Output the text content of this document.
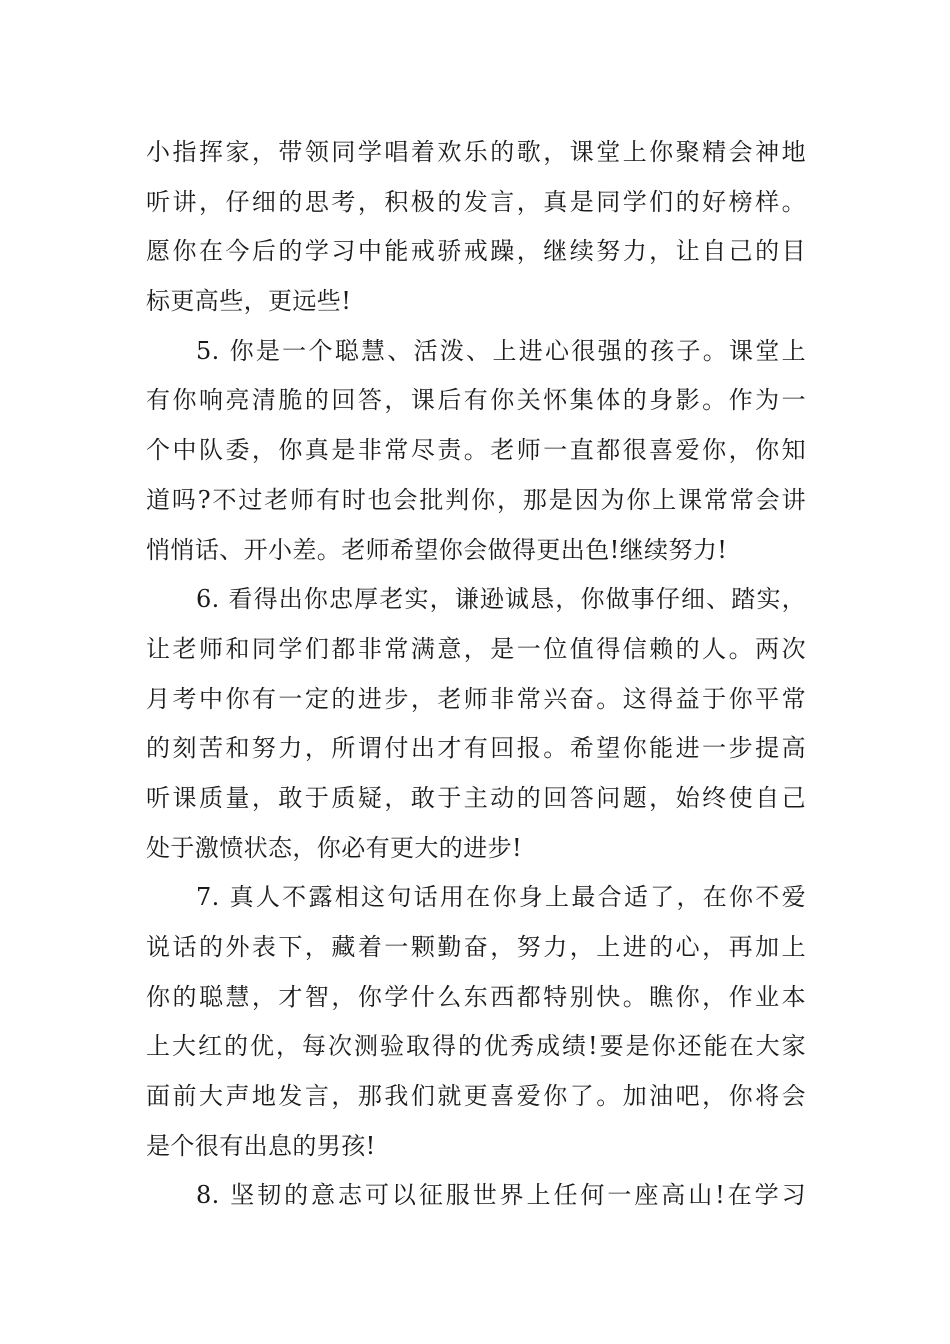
小指挥家，带领同学唱着欢乐的歌，课堂上你聚精会神地
听讲，仔细的思考，积极的发言，真是同学们的好榜样。
愿你在今后的学习中能戒骄戒躁，继续努力，让自己的目
标更高些，更远些!
5. 你是一个聪慧、活泼、上进心很强的孩子。课堂上
有你响亮清脆的回答，课后有你关怀集体的身影。作为一
个中队委，你真是非常尽责。老师一直都很喜爱你，你知
道吗?不过老师有时也会批判你，那是因为你上课常常会讲
悄悄话、开小差。老师希望你会做得更出色!继续努力!
6. 看得出你忠厚老实，谦逊诚恳，你做事仔细、踏实，
让老师和同学们都非常满意，是一位值得信赖的人。两次
月考中你有一定的进步，老师非常兴奋。这得益于你平常
的刻苦和努力，所谓付出才有回报。希望你能进一步提高
听课质量，敢于质疑，敢于主动的回答问题，始终使自己
处于激愤状态，你必有更大的进步!
7. 真人不露相这句话用在你身上最合适了，在你不爱
说话的外表下，藏着一颗勤奋，努力，上进的心，再加上
你的聪慧，才智，你学什么东西都特别快。瞧你，作业本
上大红的优，每次测验取得的优秀成绩!要是你还能在大家
面前大声地发言，那我们就更喜爱你了。加油吧，你将会
是个很有出息的男孩!
8. 坚韧的意志可以征服世界上任何一座高山!在学习
